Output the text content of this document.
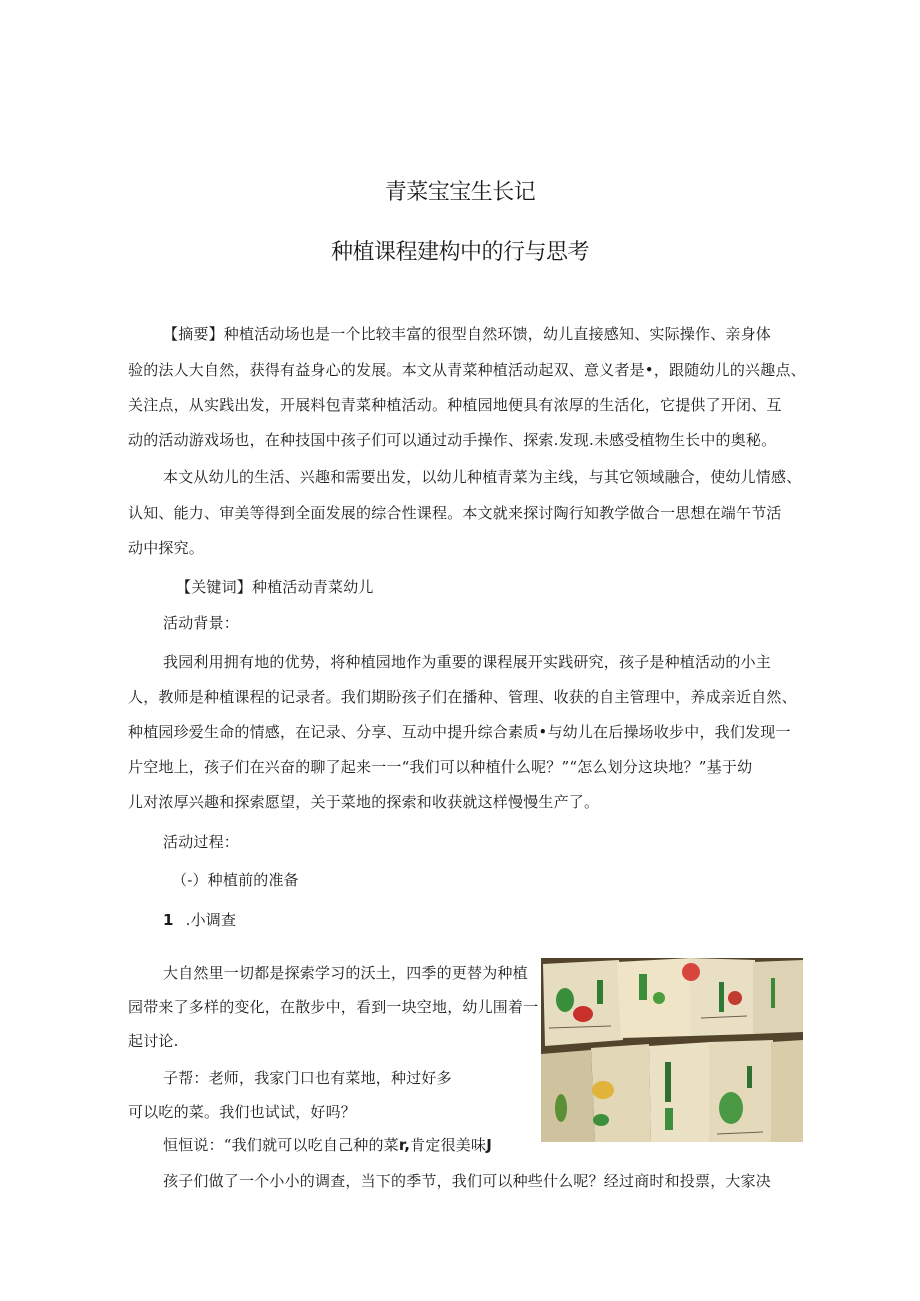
青菜宝宝生长记
种植课程建构中的行与思考
【摘要】种植活动场也是一个比较丰富的很型自然环馈，幼儿直接感知、实际操作、亲身体
验的法人大自然，获得有益身心的发展。本文从青菜种植活动起双、意义者是•，跟随幼儿的兴趣点、
关注点，从实践出发，开展料包青菜种植活动。种植园地便具有浓厚的生活化，它提供了开闭、互
动的活动游戏场也，在种技国中孩子们可以通过动手操作、探索.发现.未感受植物生长中的奥秘。
本文从幼儿的生活、兴趣和需要出发，以幼儿种植青菜为主线，与其它领域融合，使幼儿情感、
认知、能力、审美等得到全面发展的综合性课程。本文就来探讨陶行知教学做合一思想在端午节活
动中探究。
【关键词】种植活动青菜幼儿
活动背景：
我园利用拥有地的优势，将种植园地作为重要的课程展开实践研究，孩子是种植活动的小主
人，教师是种植课程的记录者。我们期盼孩子们在播种、管理、收获的自主管理中，养成亲近自然、
种植园珍爱生命的情感，在记录、分享、互动中提升综合素质•与幼儿在后操场收步中，我们发现一
片空地上，孩子们在兴奋的聊了起来一一“我们可以种植什么呢？”“怎么划分这块地？”基于幼
儿对浓厚兴趣和探索愿望，关于菜地的探索和收获就这样慢慢生产了。
活动过程：
（-）种植前的准备
1 .小调查
大自然里一切都是探索学习的沃土，四季的更替为种植
园带来了多样的变化，在散步中，看到一块空地，幼儿围着一
起讨论.
子帮：老师，我家门口也有菜地，种过好多
可以吃的菜。我们也试试，好吗？
恒恒说：“我们就可以吃自己种的菜r,肯定很美味J
孩子们做了一个小小的调查，当下的季节，我们可以种些什么呢？经过商时和投票，大家决
